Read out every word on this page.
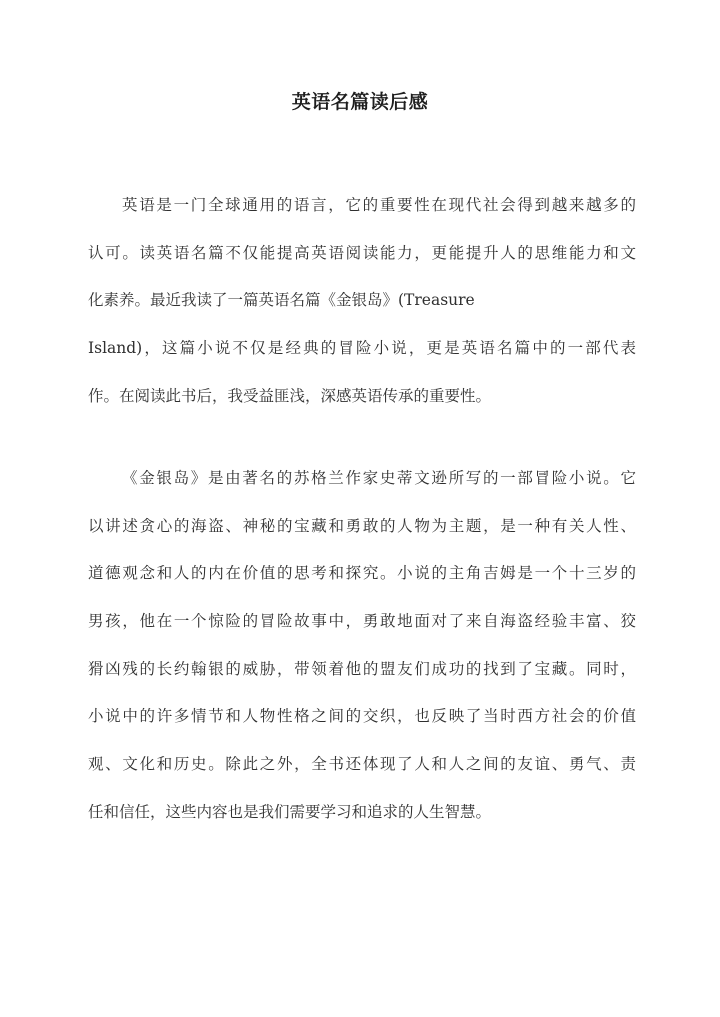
英语名篇读后感
英语是一门全球通用的语言，它的重要性在现代社会得到越来越多的
认可。读英语名篇不仅能提高英语阅读能力，更能提升人的思维能力和文
化素养。最近我读了一篇英语名篇《金银岛》(Treasure
Island)，这篇小说不仅是经典的冒险小说，更是英语名篇中的一部代表
作。在阅读此书后，我受益匪浅，深感英语传承的重要性。
《金银岛》是由著名的苏格兰作家史蒂文逊所写的一部冒险小说。它
以讲述贪心的海盗、神秘的宝藏和勇敢的人物为主题，是一种有关人性、
道德观念和人的内在价值的思考和探究。小说的主角吉姆是一个十三岁的
男孩，他在一个惊险的冒险故事中，勇敢地面对了来自海盗经验丰富、狡
猾凶残的长约翰银的威胁，带领着他的盟友们成功的找到了宝藏。同时，
小说中的许多情节和人物性格之间的交织，也反映了当时西方社会的价值
观、文化和历史。除此之外，全书还体现了人和人之间的友谊、勇气、责
任和信任，这些内容也是我们需要学习和追求的人生智慧。
